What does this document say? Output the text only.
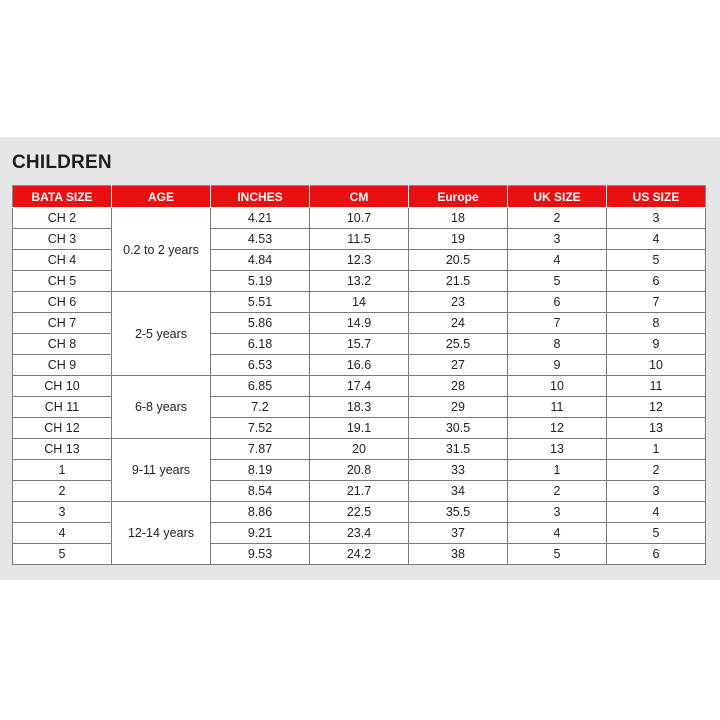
CHILDREN
BATA SIZE	AGE	INCHES	CM	Europe	UK SIZE	US SIZE
CH 2	0.2 to 2 years	4.21	10.7	18	2	3
CH 3		4.53	11.5	19	3	4
CH 4		4.84	12.3	20.5	4	5
CH 5		5.19	13.2	21.5	5	6
CH 6	2-5 years	5.51	14	23	6	7
CH 7		5.86	14.9	24	7	8
CH 8		6.18	15.7	25.5	8	9
CH 9		6.53	16.6	27	9	10
CH 10	6-8 years	6.85	17.4	28	10	11
CH 11		7.2	18.3	29	11	12
CH 12		7.52	19.1	30.5	12	13
CH 13	9-11 years	7.87	20	31.5	13	1
1		8.19	20.8	33	1	2
2		8.54	21.7	34	2	3
3	12-14 years	8.86	22.5	35.5	3	4
4		9.21	23.4	37	4	5
5		9.53	24.2	38	5	6
